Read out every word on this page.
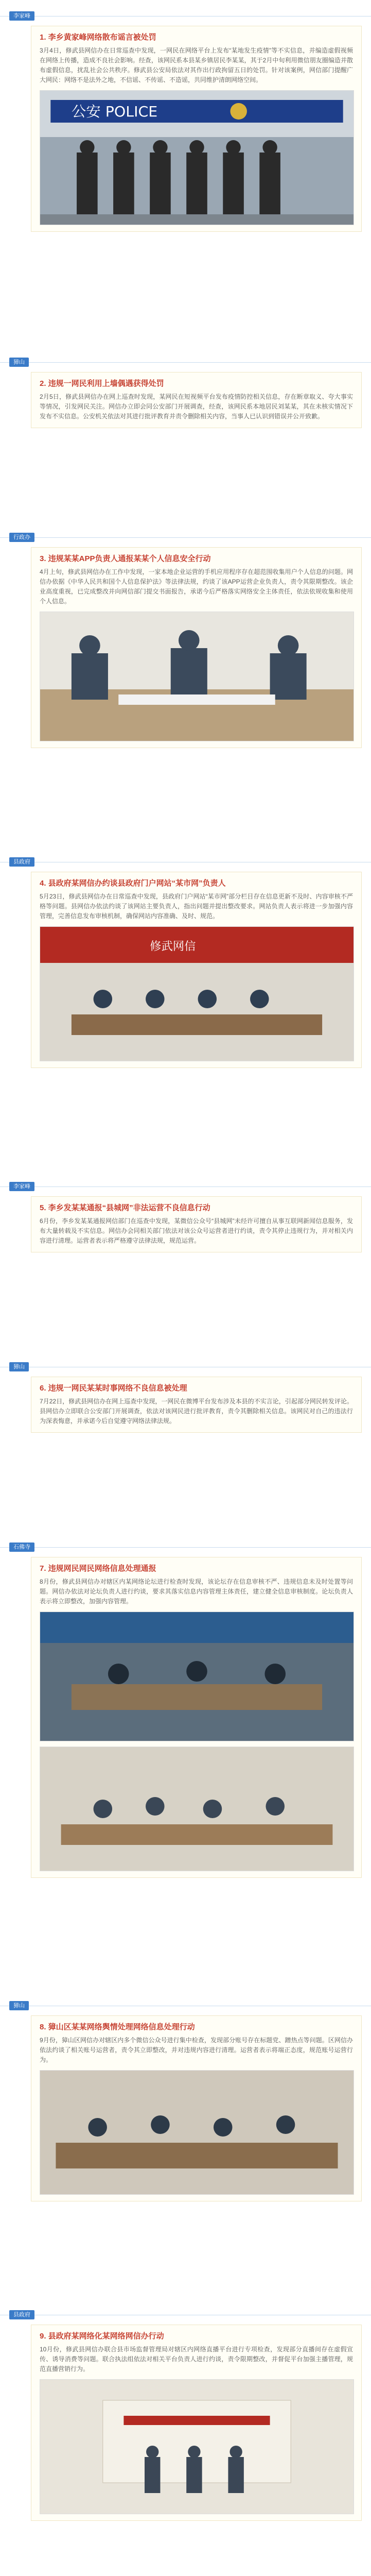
李家峰
1. 李乡黄家峰网络散布谣言被处罚
3月4日，修武县网信办在日常巡查中发现，一网民在网络平台上发布“某地发生疫情”等不实信息，并编造虚假视频在网络上传播，造成不良社会影响。经查，该网民系本县某乡镇居民李某某，其于2月中旬利用微信朋友圈编造并散布虚假信息，扰乱社会公共秩序。修武县公安局依法对其作出行政拘留五日的处罚。针对该案例，网信部门提醒广大网民：网络不是法外之地，不信谣、不传谣、不造谣，共同维护清朗网络空间。
公安 POLICE
獐山
2. 违规一网民利用上墙偶遇获得处罚
2月5日，修武县网信办在网上巡查时发现，某网民在短视频平台发布疫情防控相关信息，存在断章取义、夸大事实等情况，引发网民关注。网信办立即会同公安部门开展调查，经查，该网民系本地居民刘某某，其在未核实情况下发布不实信息。公安机关依法对其进行批评教育并责令删除相关内容，当事人已认识到错误并公开致歉。
行政办
3. 违规某某APP负责人通报某某个人信息安全行动
4月上旬，修武县网信办在工作中发现，一家本地企业运营的手机应用程序存在超范围收集用户个人信息的问题。网信办依据《中华人民共和国个人信息保护法》等法律法规，约谈了该APP运营企业负责人，责令其限期整改。该企业高度重视，已完成整改并向网信部门提交书面报告，承诺今后严格落实网络安全主体责任，依法依规收集和使用个人信息。
县政府
4. 县政府某网信办约谈县政府门户网站“某市网”负责人
5月23日，修武县网信办在日常巡查中发现，县政府门户网站“某市网”部分栏目存在信息更新不及时、内容审核不严格等问题。县网信办依法约谈了该网站主要负责人，指出问题并提出整改要求。网站负责人表示将进一步加强内容管理，完善信息发布审核机制，确保网站内容准确、及时、规范。
修武网信
李家峰
5. 李乡发某某通报“县城网”非法运营不良信息行动
6月份，李乡发某某通报网信部门在巡查中发现，某微信公众号“县城网”未经许可擅自从事互联网新闻信息服务，发布大量转载及不实信息。网信办会同相关部门依法对该公众号运营者进行约谈，责令其停止违规行为，并对相关内容进行清理。运营者表示将严格遵守法律法规，规范运营。
獐山
6. 违规一网民某某时事网络不良信息被处理
7月22日，修武县网信办在网上巡查中发现，一网民在微博平台发布涉及本县的不实言论，引起部分网民转发评论。县网信办立即联合公安部门开展调查，依法对该网民进行批评教育，责令其删除相关信息。该网民对自己的违法行为深表悔意，并承诺今后自觉遵守网络法律法规。
石佛寺
7. 违规网民网民网络信息处理通报
8月份，修武县网信办对辖区内某网络论坛进行检查时发现，该论坛存在信息审核不严、违规信息未及时处置等问题。网信办依法对论坛负责人进行约谈，要求其落实信息内容管理主体责任，建立健全信息审核制度。论坛负责人表示将立即整改，加强内容管理。
獐山
8. 獐山区某某网络舆情处理网络信息处理行动
9月份，獐山区网信办对辖区内多个微信公众号进行集中检查，发现部分账号存在标题党、蹭热点等问题。区网信办依法约谈了相关账号运营者，责令其立即整改，并对违规内容进行清理。运营者表示将端正态度，规范账号运营行为。
县政府
9. 县政府某网络化某网络网信办行动
10月份，修武县网信办联合县市场监督管理局对辖区内网络直播平台进行专项检查，发现部分直播间存在虚假宣传、诱导消费等问题。联合执法组依法对相关平台负责人进行约谈，责令限期整改，并督促平台加强主播管理，规范直播营销行为。
